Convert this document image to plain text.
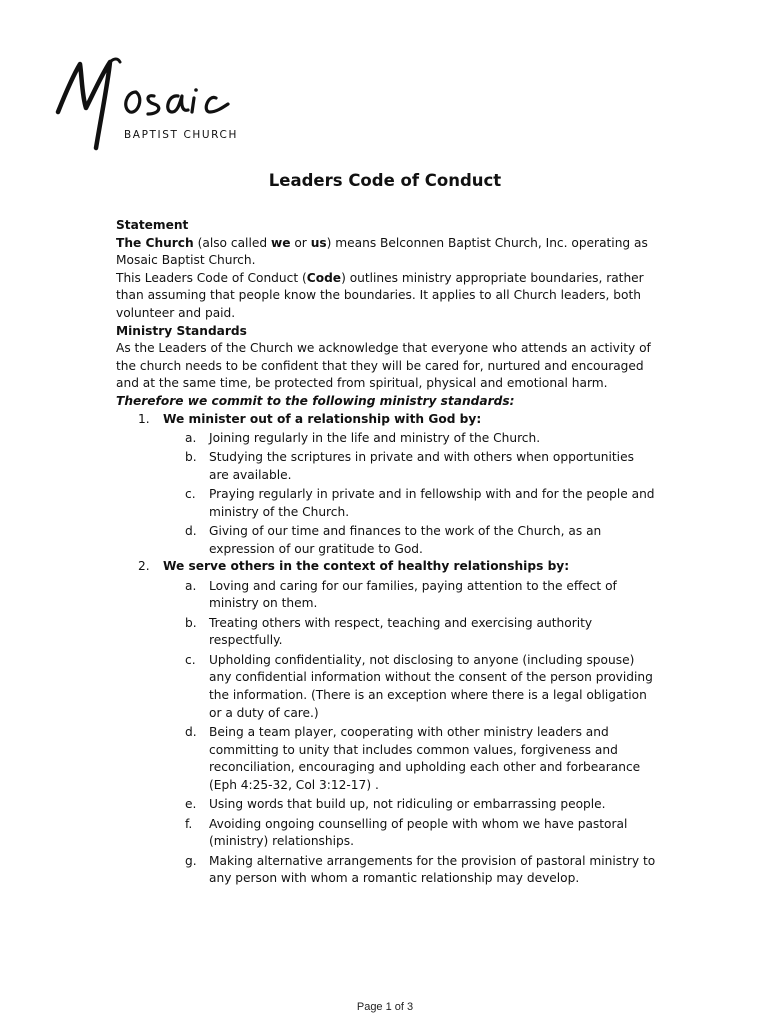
BAPTIST CHURCH
Leaders Code of Conduct

Statement

The Church (also called we or us) means Belconnen Baptist Church, Inc. operating as Mosaic Baptist Church.

This Leaders Code of Conduct (Code) outlines ministry appropriate boundaries, rather than assuming that people know the boundaries. It applies to all Church leaders, both volunteer and paid.

Ministry Standards

As the Leaders of the Church we acknowledge that everyone who attends an activity of the church needs to be confident that they will be cared for, nurtured and encouraged and at the same time, be protected from spiritual, physical and emotional harm. Therefore we commit to the following ministry standards:

1. We minister out of a relationship with God by:
a. Joining regularly in the life and ministry of the Church.
b. Studying the scriptures in private and with others when opportunities are available.
c. Praying regularly in private and in fellowship with and for the people and ministry of the Church.
d. Giving of our time and finances to the work of the Church, as an expression of our gratitude to God.
2. We serve others in the context of healthy relationships by:
a. Loving and caring for our families, paying attention to the effect of ministry on them.
b. Treating others with respect, teaching and exercising authority respectfully.
c. Upholding confidentiality, not disclosing to anyone (including spouse) any confidential information without the consent of the person providing the information. (There is an exception where there is a legal obligation or a duty of care.)
d. Being a team player, cooperating with other ministry leaders and committing to unity that includes common values, forgiveness and reconciliation, encouraging and upholding each other and forbearance (Eph 4:25-32, Col 3:12-17) .
e. Using words that build up, not ridiculing or embarrassing people.
f. Avoiding ongoing counselling of people with whom we have pastoral (ministry) relationships.
g. Making alternative arrangements for the provision of pastoral ministry to any person with whom a romantic relationship may develop.
Page 1 of 3
